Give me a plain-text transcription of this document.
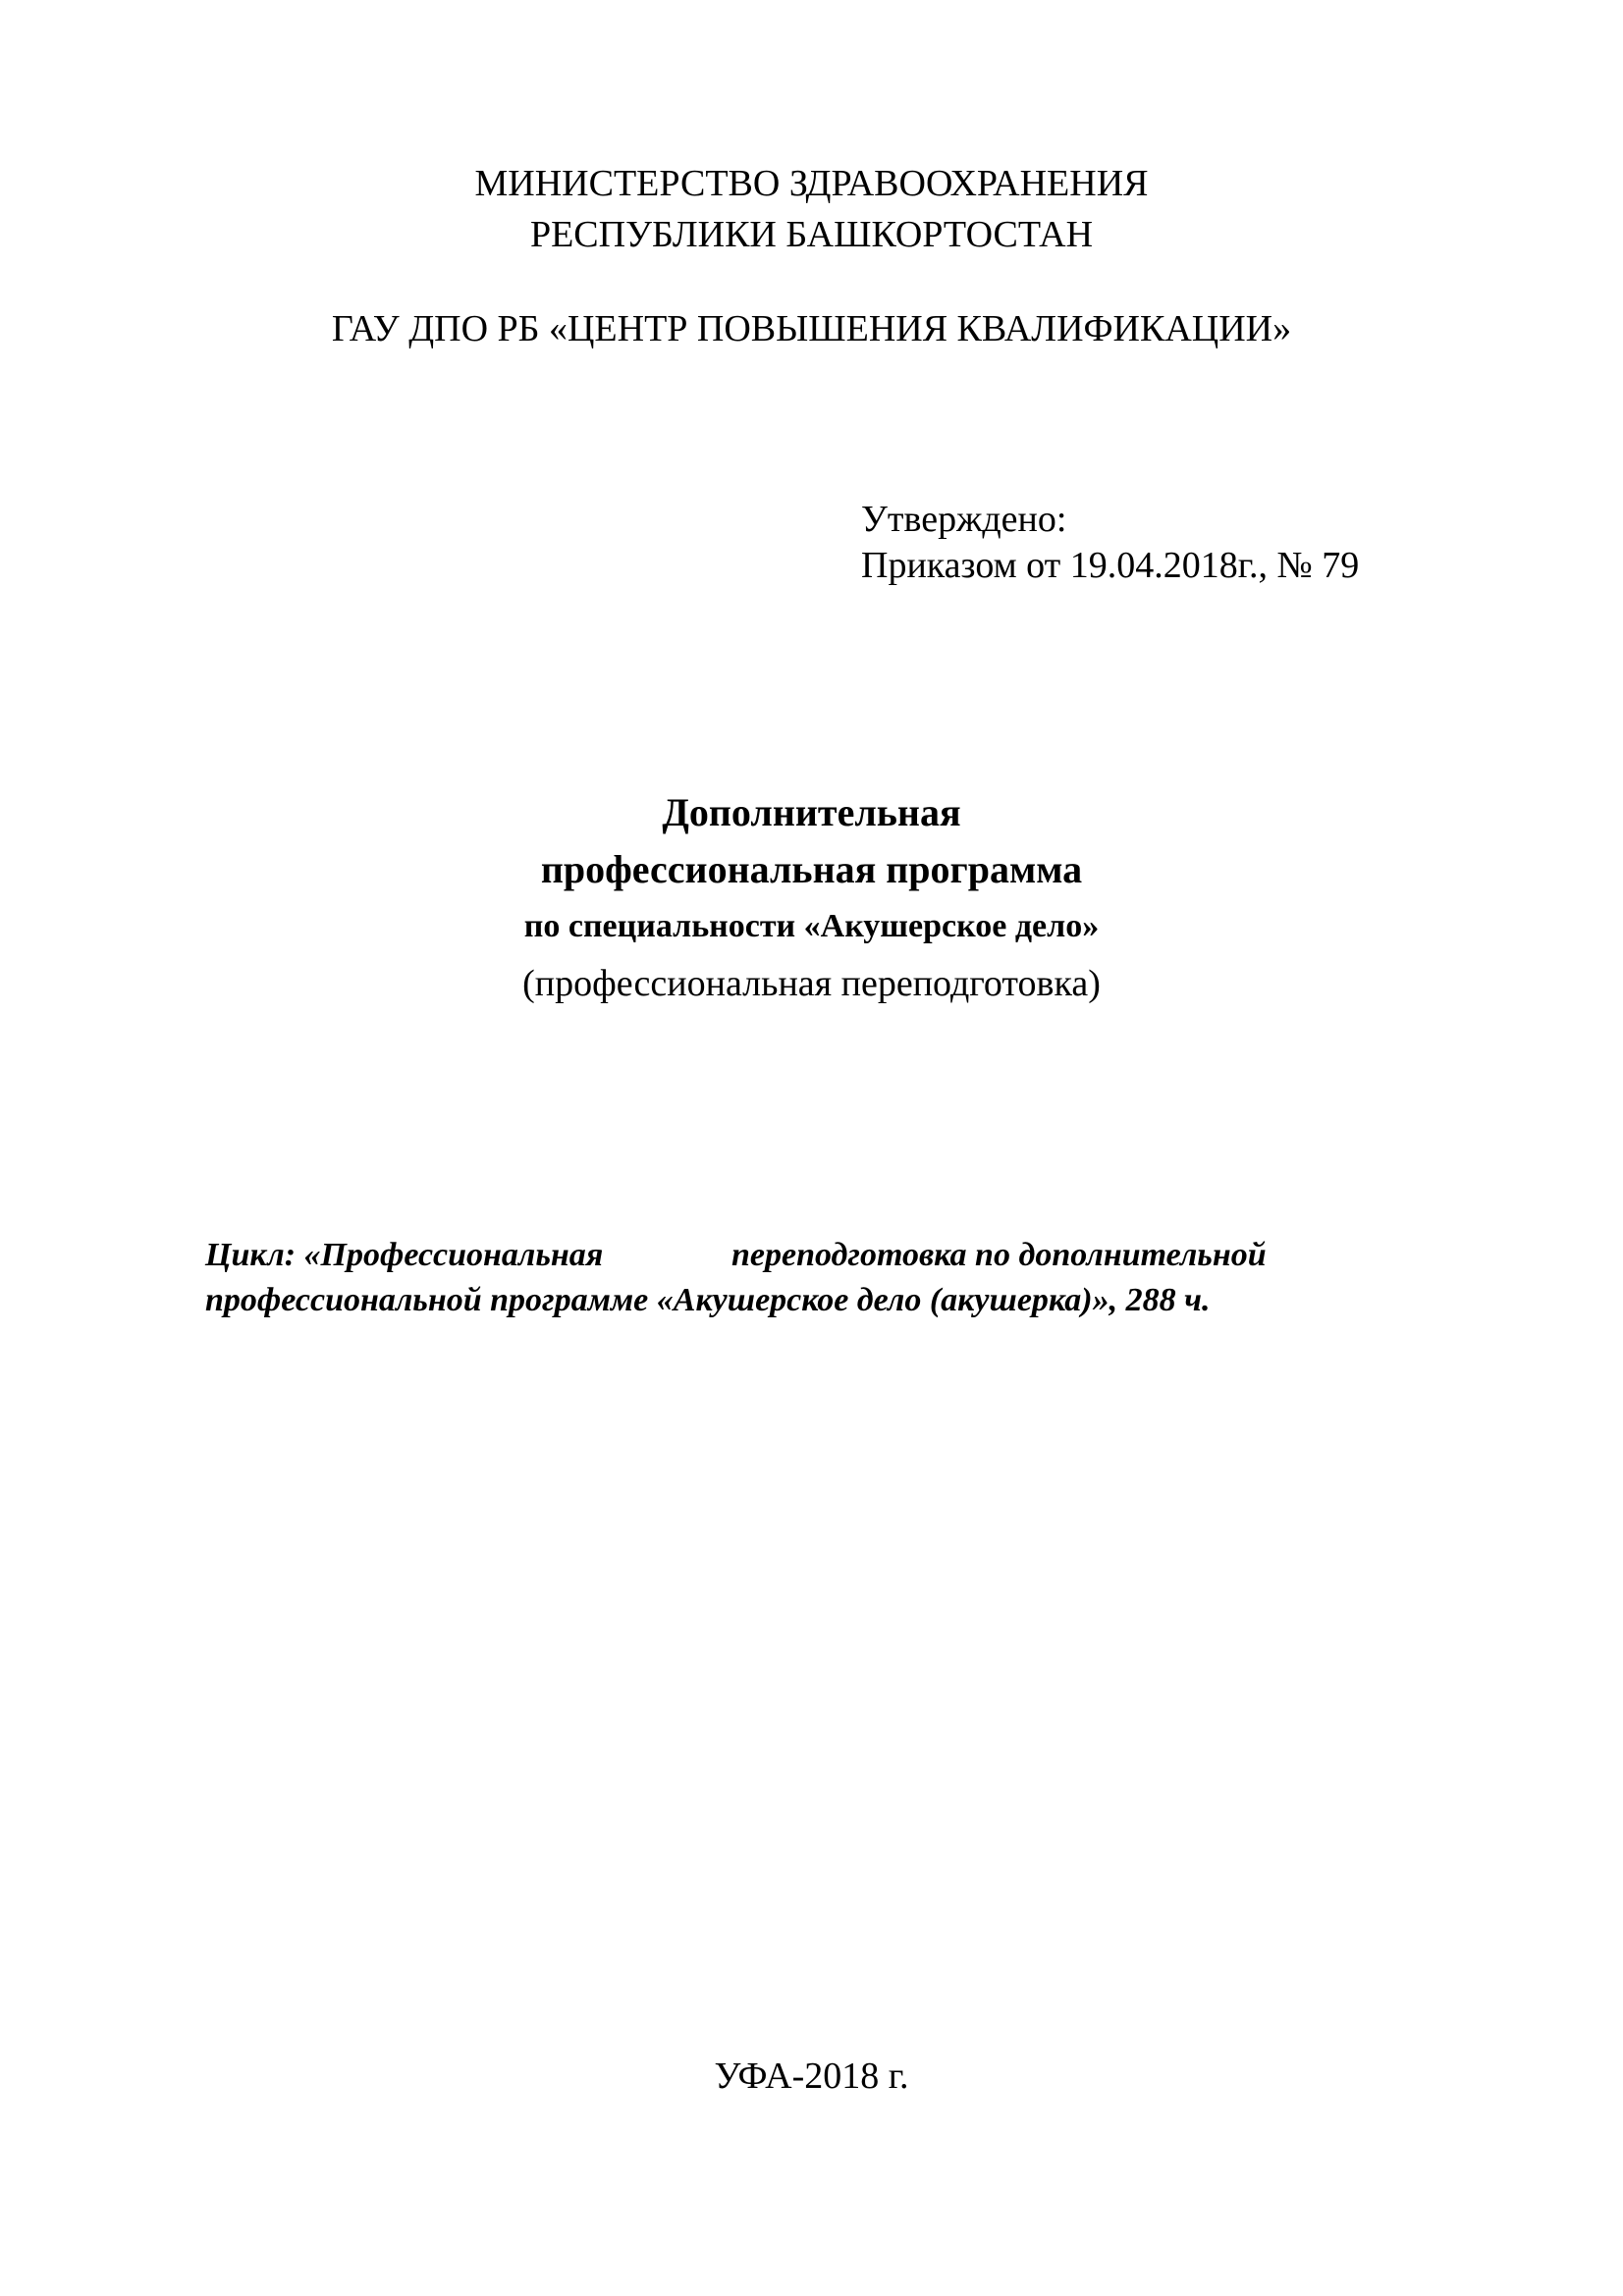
МИНИСТЕРСТВО ЗДРАВООХРАНЕНИЯ
РЕСПУБЛИКИ БАШКОРТОСТАН
ГАУ ДПО РБ «ЦЕНТР ПОВЫШЕНИЯ КВАЛИФИКАЦИИ»
Утверждено:
Приказом от 19.04.2018г., № 79
Дополнительная
профессиональная программа
по специальности «Акушерское дело»
(профессиональная переподготовка)
Цикл: «Профессиональная	переподготовка по дополнительной
профессиональной программе «Акушерское дело (акушерка)», 288 ч.
УФА-2018 г.
